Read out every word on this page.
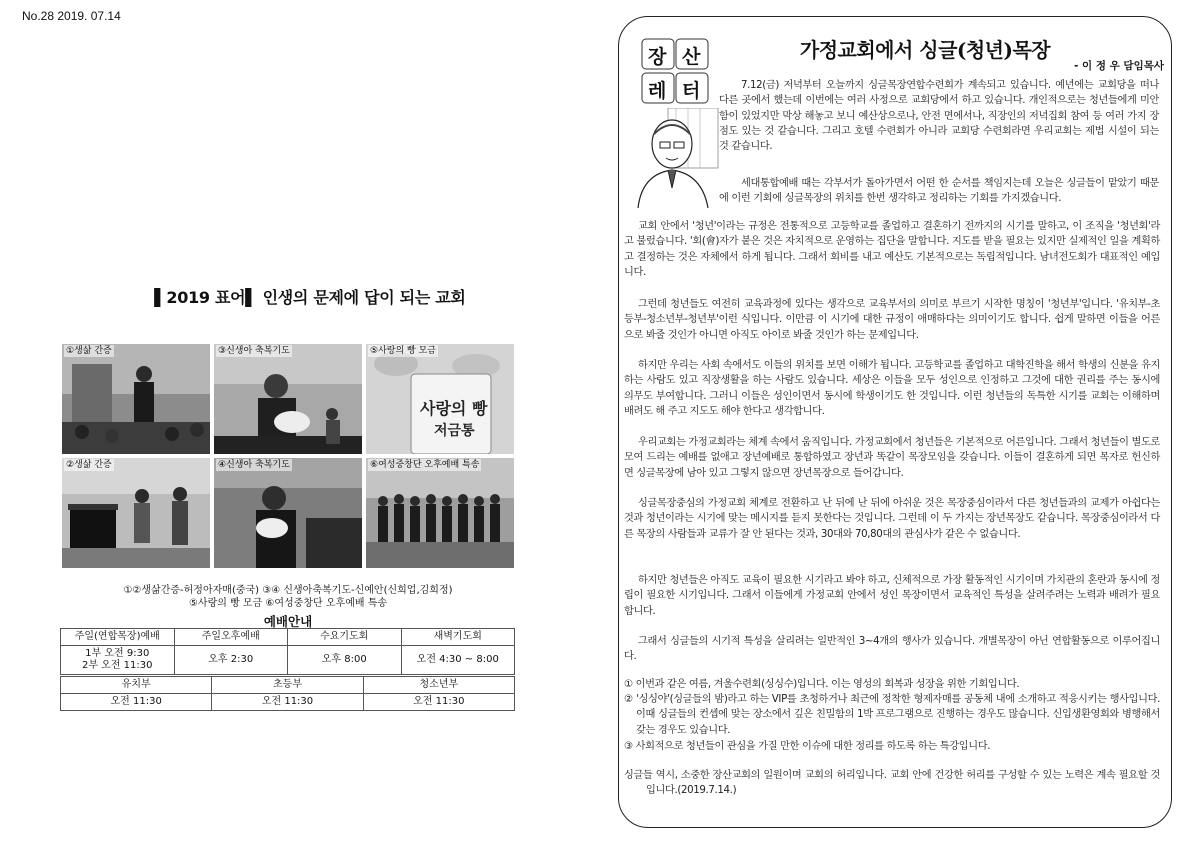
No.28 2019. 07.14
▌2019 표어▌ 인생의 문제에 답이 되는 교회
①생삶 간증	③신생아 축복기도	⑤사랑의 빵 모금
사랑의 빵
저금통
②생삶 간증	④신생아 축복기도	⑥여성중창단 오후예배 특송
①②생삶간증-허정아자매(중국) ③④ 신생아축복기도-신예안(신희업,김희정)
⑤사랑의 빵 모금 ⑥여성중창단 오후예배 특송
예배안내
주일(연합목장)예배	주일오후예배	수요기도회	새벽기도회

1부 오전 9:30
2부 오전 11:30	오후 2:30	오후 8:00	오전 4:30 ~ 8:00
유치부	초등부	청소년부
오전 11:30	오전 11:30	오전 11:30
장 산
레 터
가정교회에서 싱글(청년)목장
- 이 정 우 담임목사
7.12(금) 저녁부터 오늘까지 싱글목장연합수련회가 계속되고 있습니다. 예년에는 교회당을 떠나 다른 곳에서 했는데 이번에는 여러 사정으로 교회당에서 하고 있습니다. 개인적으로는 청년들에게 미안함이 있었지만 막상 해놓고 보니 예산상으로나, 안전 면에서나, 직장인의 저녁집회 참여 등 여러 가지 장점도 있는 것 같습니다. 그리고 호텔 수련회가 아니라 교회당 수련회라면 우리교회는 제법 시설이 되는 것 같습니다.
세대통합예배 때는 각부서가 돌아가면서 어떤 한 순서를 책임지는데 오늘은 싱글들이 맡았기 때문에 이런 기회에 싱글목장의 위치를 한번 생각하고 정리하는 기회를 가지겠습니다.
교회 안에서 '청년'이라는 규정은 전통적으로 고등학교를 졸업하고 결혼하기 전까지의 시기를 말하고, 이 조직을 '청년회'라고 불렀습니다. '회(會)자가 붙은 것은 자치적으로 운영하는 집단을 말합니다. 지도를 받을 필요는 있지만 실제적인 일을 계획하고 결정하는 것은 자체에서 하게 됩니다. 그래서 회비를 내고 예산도 기본적으로는 독립적입니다. 남녀전도회가 대표적인 예입니다.
그런데 청년들도 여전히 교육과정에 있다는 생각으로 교육부서의 의미로 부르기 시작한 명칭이 '청년부'입니다. '유치부-초등부-청소년부-청년부'이런 식입니다. 이만큼 이 시기에 대한 규정이 애매하다는 의미이기도 합니다. 쉽게 말하면 이들을 어른으로 봐줄 것인가 아니면 아직도 아이로 봐줄 것인가 하는 문제입니다.
하지만 우리는 사회 속에서도 이들의 위치를 보면 이해가 됩니다. 고등학교를 졸업하고 대학진학을 해서 학생의 신분을 유지하는 사람도 있고 직장생활을 하는 사람도 있습니다. 세상은 이들을 모두 성인으로 인정하고 그것에 대한 권리를 주는 동시에 의무도 부여합니다. 그러니 이들은 성인이면서 동시에 학생이기도 한 것입니다. 이런 청년들의 독특한 시기를 교회는 이해하며 배려도 해 주고 지도도 해야 한다고 생각합니다.
우리교회는 가정교회라는 체계 속에서 움직입니다. 가정교회에서 청년들은 기본적으로 어른입니다. 그래서 청년들이 별도로 모여 드리는 예배를 없애고 장년예배로 통합하였고 장년과 똑같이 목장모임을 갖습니다. 이들이 결혼하게 되면 목자로 헌신하면 싱글목장에 남아 있고 그렇지 않으면 장년목장으로 들어갑니다.
싱글목장중심의 가정교회 체계로 전환하고 난 뒤에 난 뒤에 아쉬운 것은 목장중심이라서 다른 청년들과의 교제가 아쉽다는 것과 청년이라는 시기에 맞는 메시지를 듣지 못한다는 것입니다. 그런데 이 두 가지는 장년목장도 같습니다. 목장중심이라서 다른 목장의 사람들과 교류가 잘 안 된다는 것과, 30대와 70,80대의 관심사가 같은 수 없습니다.
하지만 청년들은 아직도 교육이 필요한 시기라고 봐야 하고, 신체적으로 가장 활동적인 시기이며 가치관의 혼란과 동시에 정립이 필요한 시기입니다. 그래서 이들에게 가정교회 안에서 성인 목장이면서 교육적인 특성을 살려주려는 노력과 배려가 필요합니다.
그래서 싱글들의 시기적 특성을 살리려는 일반적인 3~4개의 행사가 있습니다. 개별목장이 아닌 연합활동으로 이루어집니다.
① 이번과 같은 여름, 겨울수련회(싱싱수)입니다. 이는 영성의 회복과 성장을 위한 기회입니다.
② '싱싱야'(싱글들의 밤)라고 하는 VIP를 초청하거나 최근에 정착한 형제자매를 공동체 내에 소개하고 적응시키는 행사입니다. 이때 싱글들의 컨셉에 맞는 장소에서 깊은 친밀함의 1박 프로그램으로 진행하는 경우도 많습니다. 신입생환영회와 병행해서 갖는 경우도 있습니다.
③ 사회적으로 청년들이 관심을 가질 만한 이슈에 대한 정리를 하도록 하는 특강입니다.
싱글들 역시, 소중한 장산교회의 일원이며 교회의 허리입니다. 교회 안에 건강한 허리를 구성할 수 있는 노력은 계속 필요할 것입니다.(2019.7.14.)
